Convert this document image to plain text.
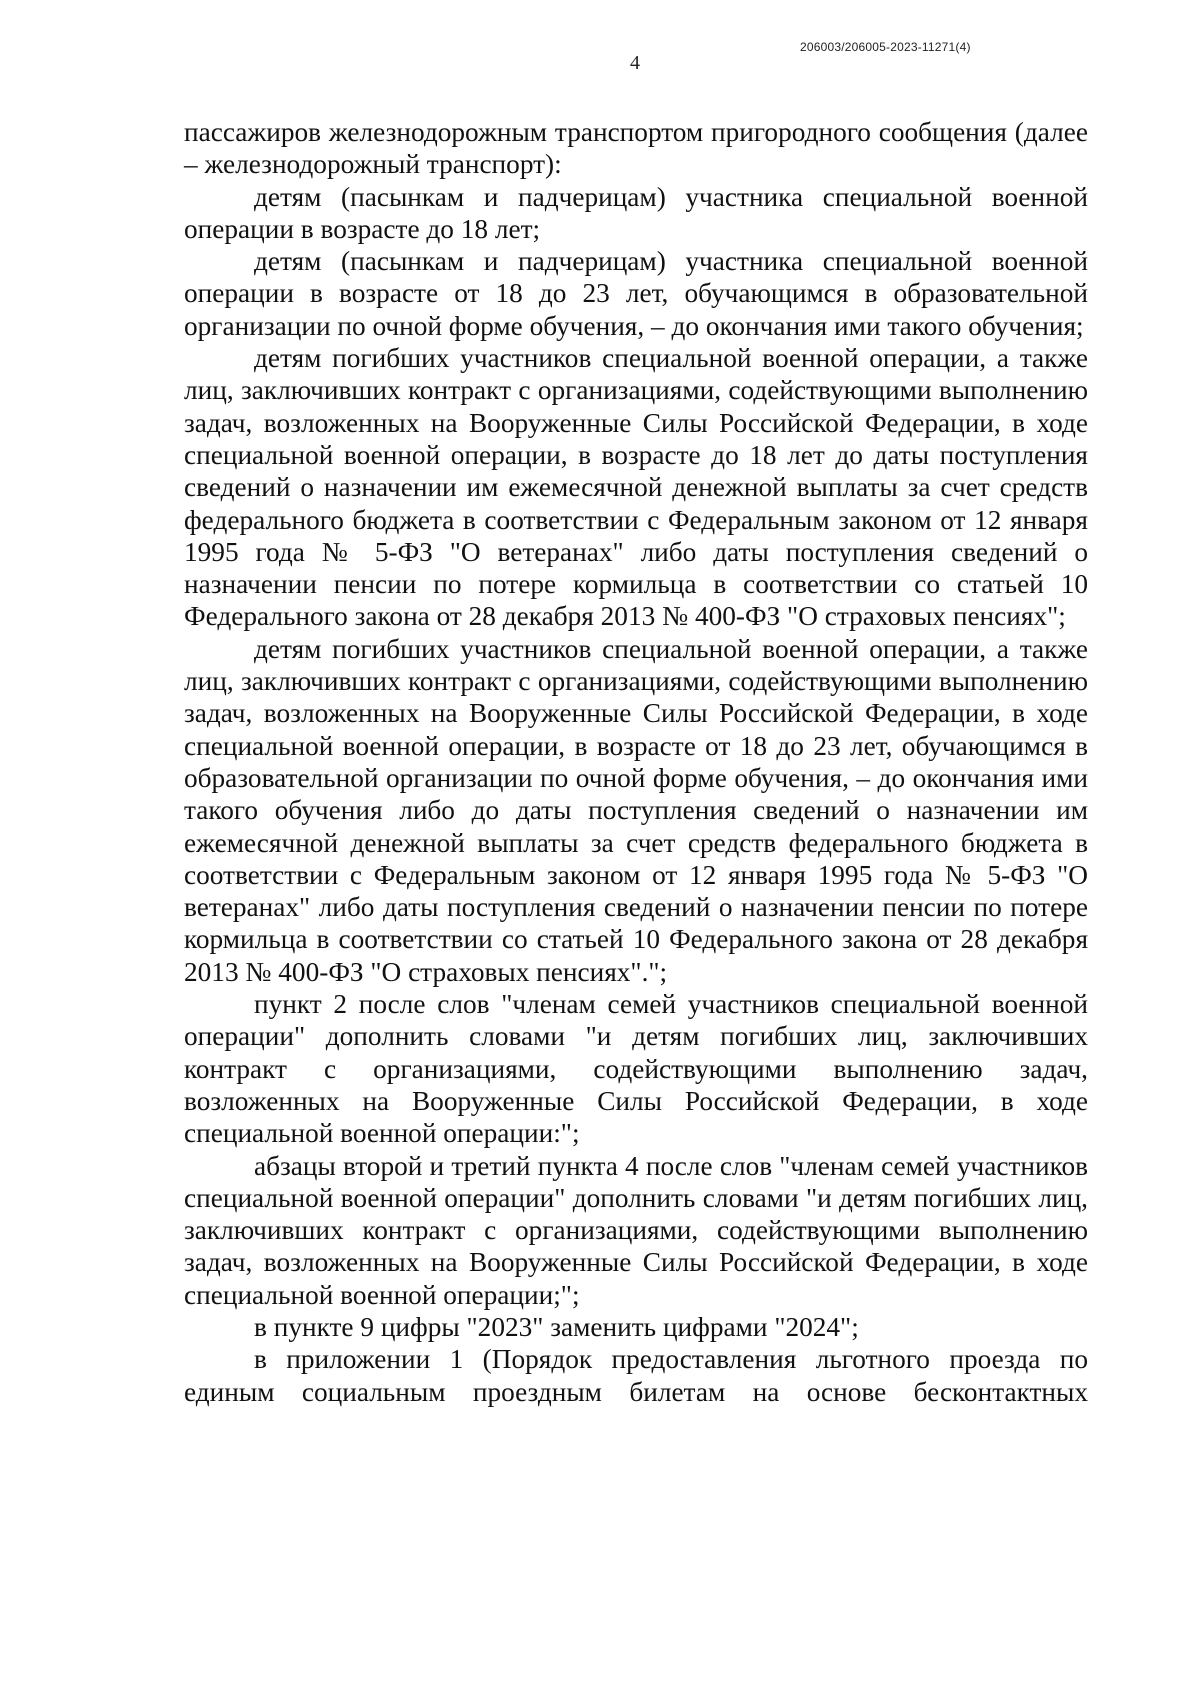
206003/206005-2023-11271(4)
4

пассажиров железнодорожным транспортом пригородного сообщения (далее – железнодорожный транспорт):

детям (пасынкам и падчерицам) участника специальной военной операции в возрасте до 18 лет;

детям (пасынкам и падчерицам) участника специальной военной операции в возрасте от 18 до 23 лет, обучающимся в образовательной организации по очной форме обучения, – до окончания ими такого обучения;

детям погибших участников специальной военной операции, а также лиц, заключивших контракт с организациями, содействующими выполнению задач, возложенных на Вооруженные Силы Российской Федерации, в ходе специальной военной операции, в возрасте до 18 лет до даты поступления сведений о назначении им ежемесячной денежной выплаты за счет средств федерального бюджета в соответствии с Федеральным законом от 12 января 1995 года № 5-ФЗ "О ветеранах" либо даты поступления сведений о назначении пенсии по потере кормильца в соответствии со статьей 10 Федерального закона от 28 декабря 2013 № 400-ФЗ "О страховых пенсиях";

детям погибших участников специальной военной операции, а также лиц, заключивших контракт с организациями, содействующими выполнению задач, возложенных на Вооруженные Силы Российской Федерации, в ходе специальной военной операции, в возрасте от 18 до 23 лет, обучающимся в образовательной организации по очной форме обучения, – до окончания ими такого обучения либо до даты поступления сведений о назначении им ежемесячной денежной выплаты за счет средств федерального бюджета в соответствии с Федеральным законом от 12 января 1995 года № 5-ФЗ "О ветеранах" либо даты поступления сведений о назначении пенсии по потере кормильца в соответствии со статьей 10 Федерального закона от 28 декабря 2013 № 400-ФЗ "О страховых пенсиях".";

пункт 2 после слов "членам семей участников специальной военной операции" дополнить словами "и детям погибших лиц, заключивших контракт с организациями, содействующими выполнению задач, возложенных на Вооруженные Силы Российской Федерации, в ходе специальной военной операции:";

абзацы второй и третий пункта 4 после слов "членам семей участников специальной военной операции" дополнить словами "и детям погибших лиц, заключивших контракт с организациями, содействующими выполнению задач, возложенных на Вооруженные Силы Российской Федерации, в ходе специальной военной операции;";

в пункте 9 цифры "2023" заменить цифрами "2024";

в приложении 1 (Порядок предоставления льготного проезда по единым социальным проездным билетам на основе бесконтактных
